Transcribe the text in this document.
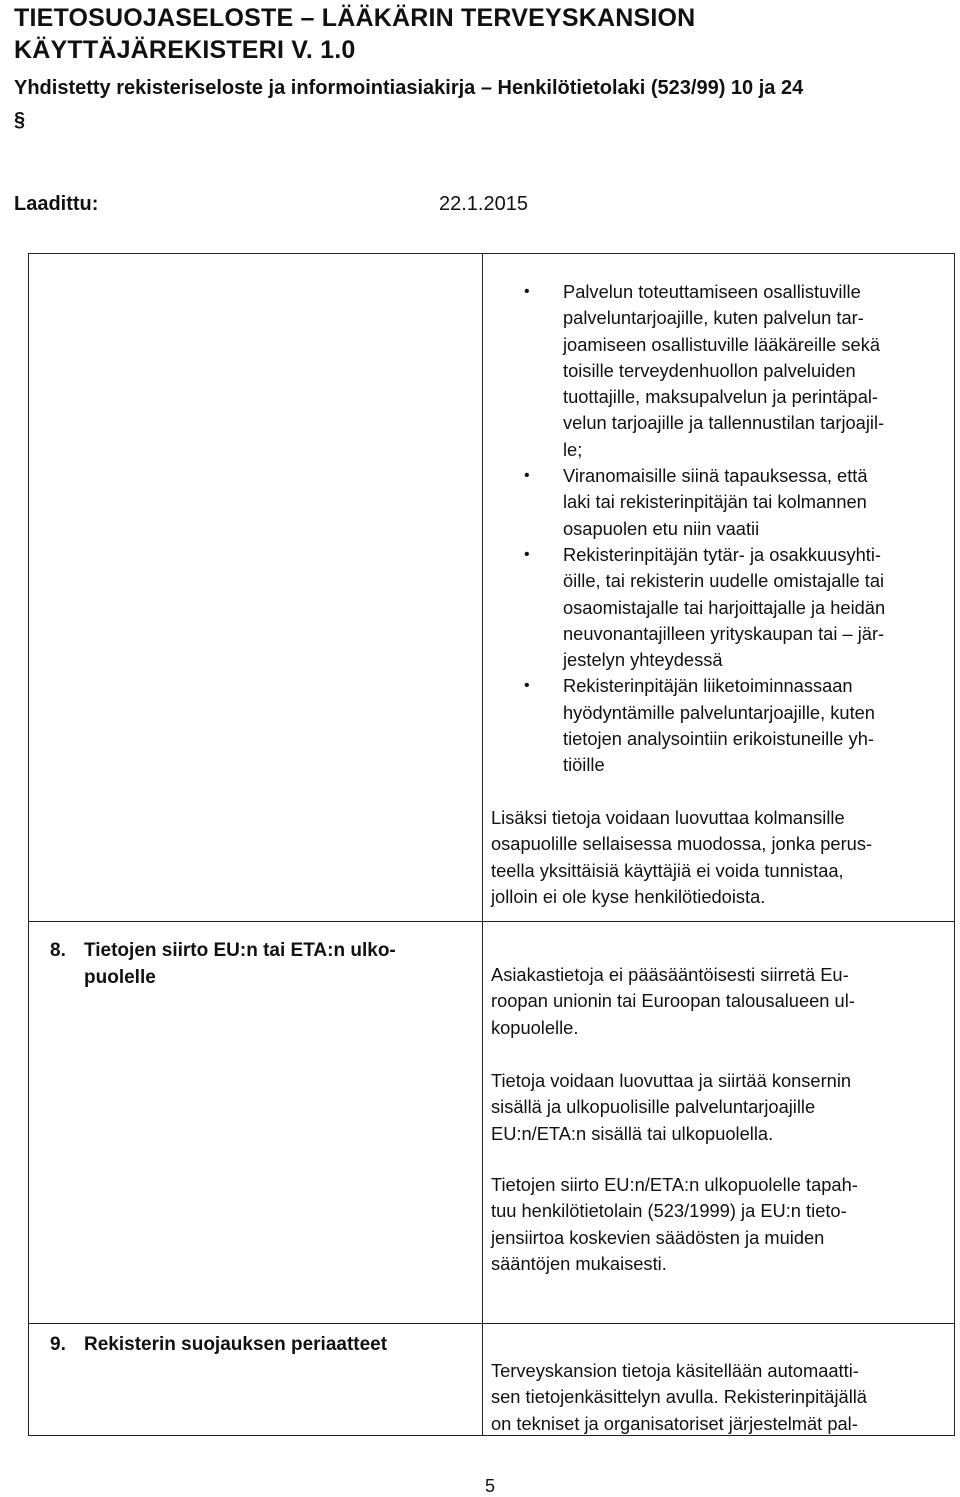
TIETOSUOJASELOSTE – LÄÄKÄRIN TERVEYSKANSION
KÄYTTÄJÄREKISTERI V. 1.0
Yhdistetty rekisteriseloste ja informointiasiakirja – Henkilötietolaki (523/99) 10 ja 24
§
Laadittu:	22.1.2015
• Palvelun toteuttamiseen osallistuville
palveluntarjoajille, kuten palvelun tar-
joamiseen osallistuville lääkäreille sekä
toisille terveydenhuollon palveluiden
tuottajille, maksupalvelun ja perintäpal-
velun tarjoajille ja tallennustilan tarjoajil-
le;
• Viranomaisille siinä tapauksessa, että
laki tai rekisterinpitäjän tai kolmannen
osapuolen etu niin vaatii
• Rekisterinpitäjän tytär- ja osakkuusyhti-
öille, tai rekisterin uudelle omistajalle tai
osaomistajalle tai harjoittajalle ja heidän
neuvonantajilleen yrityskaupan tai – jär-
jestelyn yhteydessä
• Rekisterinpitäjän liiketoiminnassaan
hyödyntämille palveluntarjoajille, kuten
tietojen analysointiin erikoistuneille yh-
tiöille

Lisäksi tietoja voidaan luovuttaa kolmansille
osapuolille sellaisessa muodossa, jonka perus-
teella yksittäisiä käyttäjiä ei voida tunnistaa,
jolloin ei ole kyse henkilötiedoista.

8. Tietojen siirto EU:n tai ETA:n ulko-
puolelle	Asiakastietoja ei pääsääntöisesti siirretä Eu-
roopan unionin tai Euroopan talousalueen ul-
kopuolelle.

Tietoja voidaan luovuttaa ja siirtää konsernin
sisällä ja ulkopuolisille palveluntarjoajille
EU:n/ETA:n sisällä tai ulkopuolella.

Tietojen siirto EU:n/ETA:n ulkopuolelle tapah-
tuu henkilötietolain (523/1999) ja EU:n tieto-
jensiirtoa koskevien säädösten ja muiden
sääntöjen mukaisesti.

9. Rekisterin suojauksen periaatteet

Terveyskansion tietoja käsitellään automaatti-
sen tietojenkäsittelyn avulla. Rekisterinpitäjällä
on tekniset ja organisatoriset järjestelmät pal-

5
